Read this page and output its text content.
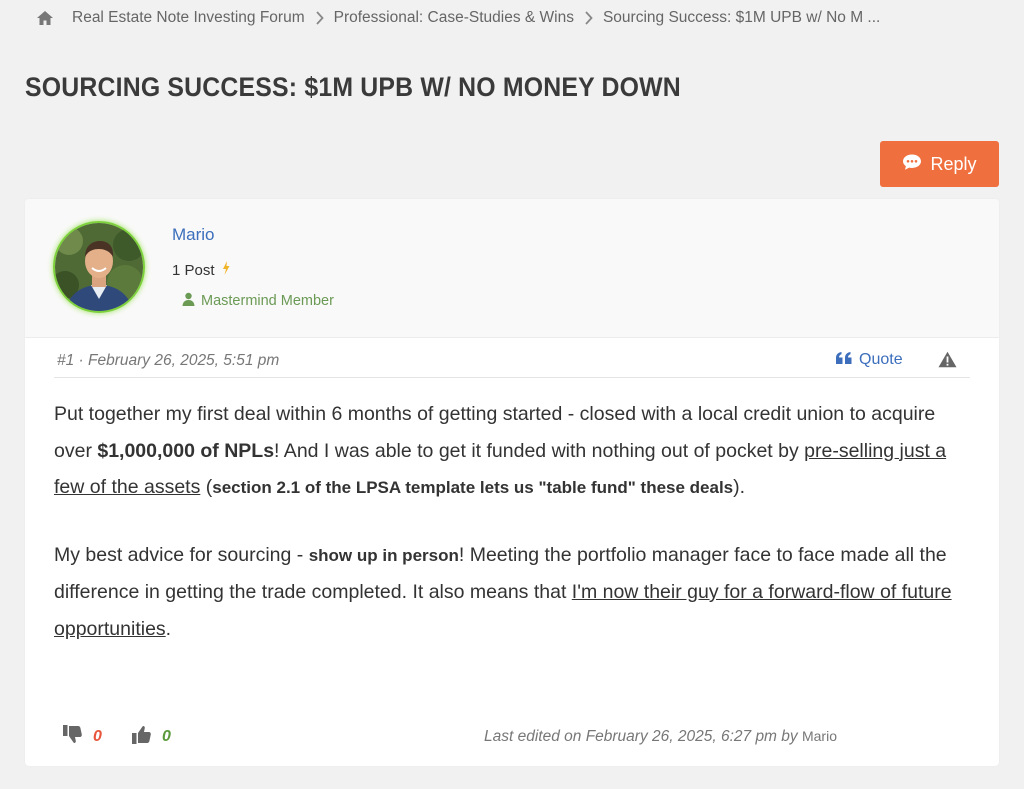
Real Estate Note Investing Forum Professional: Case-Studies & Wins Sourcing Success: $1M UPB w/ No M ...
SOURCING SUCCESS: $1M UPB W/ NO MONEY DOWN
Reply
Mario
1 Post
Mastermind Member
#1 · February 26, 2025, 5:51 pm	Quote

Put together my first deal within 6 months of getting started - closed with a local credit union to acquire over $1,000,000 of NPLs! And I was able to get it funded with nothing out of pocket by pre-selling just a few of the assets (section 2.1 of the LPSA template lets us "table fund" these deals).

My best advice for sourcing - show up in person! Meeting the portfolio manager face to face made all the difference in getting the trade completed. It also means that I'm now their guy for a forward-flow of future opportunities.

0	0	Last edited on February 26, 2025, 6:27 pm by Mario
